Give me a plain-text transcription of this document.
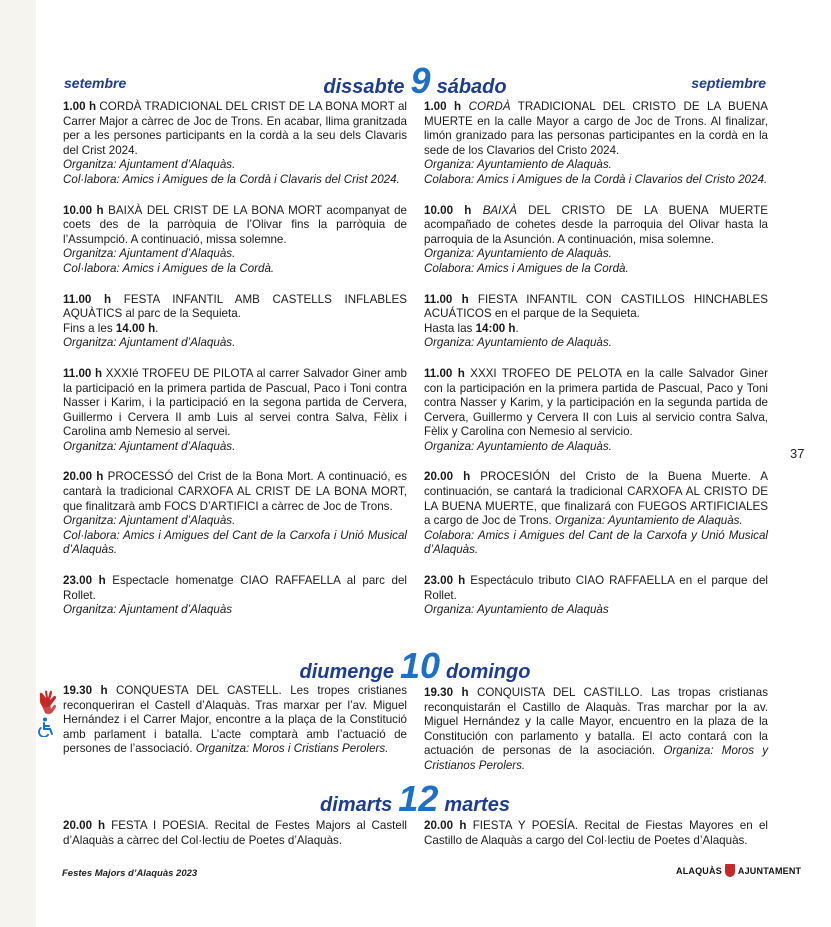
setembre	dissabte 9 sábado	septiembre

1.00 h CORDÀ TRADICIONAL DEL CRIST DE LA BONA MORT al Carrer Major a càrrec de Joc de Trons. En acabar, llima granitzada per a les persones participants en la cordà a la seu dels Clavaris del Crist 2024.

Organitza: Ajuntament d’Alaquàs.

Col·labora: Amics i Amigues de la Cordà i Clavaris del Crist 2024.

10.00 h BAIXÀ DEL CRIST DE LA BONA MORT acompanyat de coets des de la parròquia de l’Olivar fins la parròquia de l’Assumpció. A continuació, missa solemne.

Organitza: Ajuntament d’Alaquàs.

Col·labora: Amics i Amigues de la Cordà.

11.00 h FESTA INFANTIL AMB CASTELLS INFLABLES AQUÀTICS al parc de la Sequieta.

Fins a les 14.00 h.

Organitza: Ajuntament d’Alaquàs.

11.00 h XXXIé TROFEU DE PILOTA al carrer Salvador Giner amb la participació en la primera partida de Pascual, Paco i Toni contra Nasser i Karim, i la participació en la segona partida de Cervera, Guillermo i Cervera II amb Luis al servei contra Salva, Fèlix i Carolina amb Nemesio al servei.

Organitza: Ajuntament d’Alaquàs.

20.00 h PROCESSÓ del Crist de la Bona Mort. A continuació, es cantarà la tradicional CARXOFA AL CRIST DE LA BONA MORT, que finalitzarà amb FOCS D’ARTIFICI a càrrec de Joc de Trons.

Organitza: Ajuntament d’Alaquàs.

Col·labora: Amics i Amigues del Cant de la Carxofa i Unió Musical d’Alaquàs.

23.00 h Espectacle homenatge CIAO RAFFAELLA al parc del Rollet.

Organitza: Ajuntament d’Alaquàs

1.00 h CORDÀ TRADICIONAL DEL CRISTO DE LA BUENA MUERTE en la calle Mayor a cargo de Joc de Trons. Al finalizar, limón granizado para las personas participantes en la cordà en la sede de los Clavarios del Cristo 2024.

Organiza: Ayuntamiento de Alaquàs.

Colabora: Amics i Amigues de la Cordà i Clavarios del Cristo 2024.

10.00 h BAIXÀ DEL CRISTO DE LA BUENA MUERTE acompañado de cohetes desde la parroquia del Olivar hasta la parroquia de la Asunción. A continuación, misa solemne.

Organiza: Ayuntamiento de Alaquàs.

Colabora: Amics i Amigues de la Cordà.

11.00 h FIESTA INFANTIL CON CASTILLOS HINCHABLES ACUÁTICOS en el parque de la Sequieta.

Hasta las 14:00 h.

Organiza: Ayuntamiento de Alaquàs.

11.00 h XXXI TROFEO DE PELOTA en la calle Salvador Giner con la participación en la primera partida de Pascual, Paco y Toni contra Nasser y Karim, y la participación en la segunda partida de Cervera, Guillermo y Cervera II con Luis al servicio contra Salva, Fèlix y Carolina con Nemesio al servicio.

Organiza: Ayuntamiento de Alaquàs.

20.00 h PROCESIÓN del Cristo de la Buena Muerte. A continuación, se cantará la tradicional CARXOFA AL CRISTO DE LA BUENA MUERTE, que finalizará con FUEGOS ARTIFICIALES a cargo de Joc de Trons. Organiza: Ayuntamiento de Alaquàs.

Colabora: Amics i Amigues del Cant de la Carxofa y Unió Musical d’Alaquàs.

23.00 h Espectáculo tributo CIAO RAFFAELLA en el parque del Rollet.

Organiza: Ayuntamiento de Alaquàs

37
diumenge 10 domingo

19.30 h CONQUESTA DEL CASTELL. Les tropes cristianes reconqueriran el Castell d’Alaquàs. Tras marxar per l’av. Miguel Hernández i el Carrer Major, encontre a la plaça de la Constitució amb parlament i batalla. L’acte comptarà amb l’actuació de persones de l’associació. Organitza: Moros i Cristians Perolers.

19.30 h CONQUISTA DEL CASTILLO. Las tropas cristianas reconquistarán el Castillo de Alaquàs. Tras marchar por la av. Miguel Hernández y la calle Mayor, encuentro en la plaza de la Constitución con parlamento y batalla. El acto contará con la actuación de personas de la asociación. Organiza: Moros y Cristianos Perolers.

dimarts 12 martes

20.00 h FESTA I POESIA. Recital de Festes Majors al Castell d’Alaquàs a càrrec del Col·lectiu de Poetes d’Alaquàs.

20.00 h FIESTA Y POESÍA. Recital de Fiestas Mayores en el Castillo de Alaquàs a cargo del Col·lectiu de Poetes d’Alaquàs.

Festes Majors d’Alaquàs 2023	ALAQUÀS AJUNTAMENT
